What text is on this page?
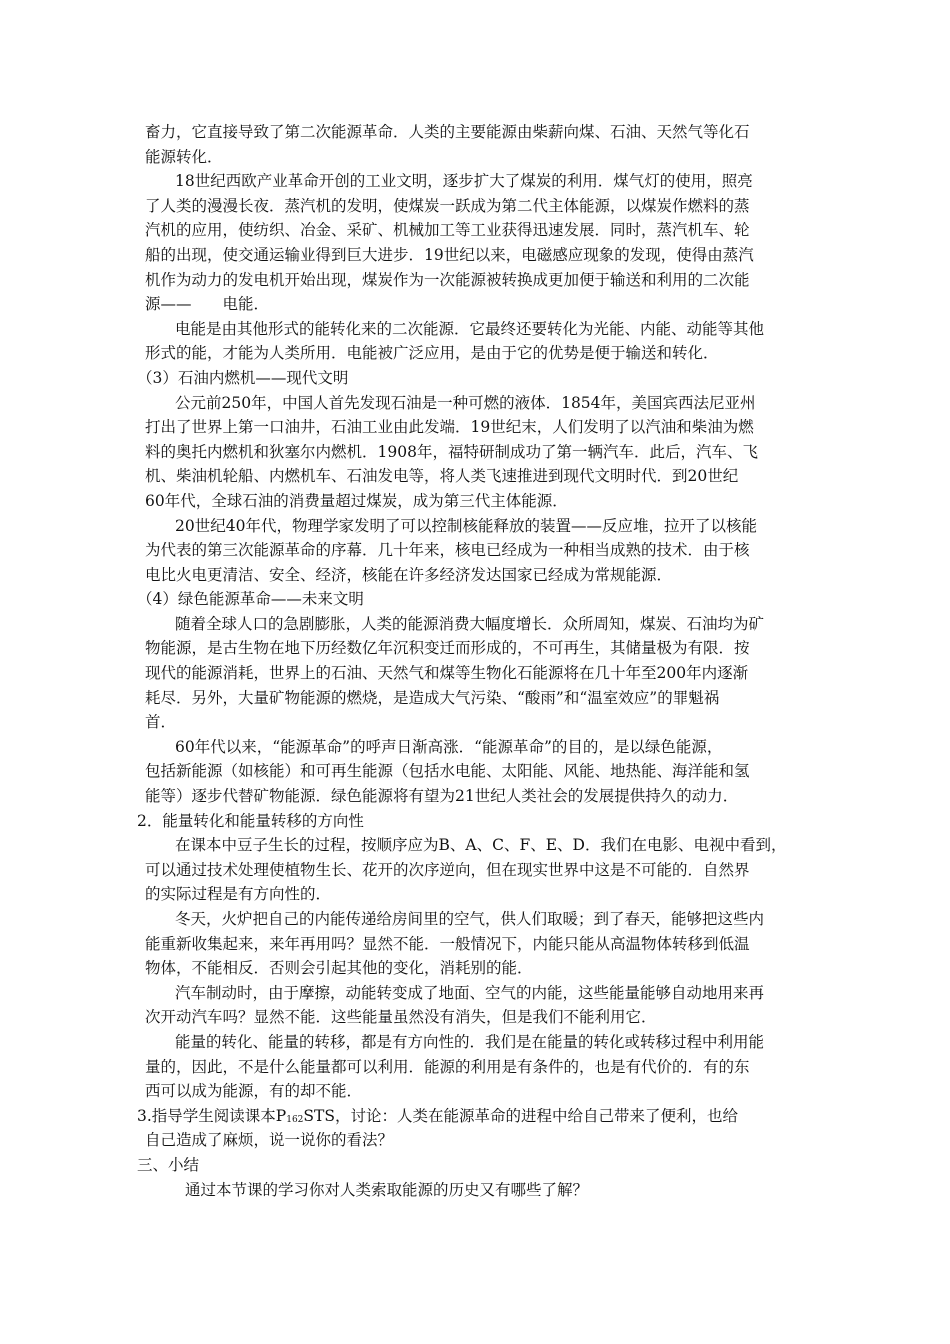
畜力，它直接导致了第二次能源革命．人类的主要能源由柴薪向煤、石油、天然气等化石
能源转化．
18世纪西欧产业革命开创的工业文明，逐步扩大了煤炭的利用．煤气灯的使用，照亮
了人类的漫漫长夜．蒸汽机的发明，使煤炭一跃成为第二代主体能源，以煤炭作燃料的蒸
汽机的应用，使纺织、冶金、采矿、机械加工等工业获得迅速发展．同时，蒸汽机车、轮
船的出现，使交通运输业得到巨大进步．19世纪以来，电磁感应现象的发现，使得由蒸汽
机作为动力的发电机开始出现，煤炭作为一次能源被转换成更加便于输送和利用的二次能
源——　　电能．
电能是由其他形式的能转化来的二次能源．它最终还要转化为光能、内能、动能等其他
形式的能，才能为人类所用．电能被广泛应用，是由于它的优势是便于输送和转化．
（3）石油内燃机——现代文明
公元前250年，中国人首先发现石油是一种可燃的液体．1854年，美国宾西法尼亚州
打出了世界上第一口油井，石油工业由此发端．19世纪末，人们发明了以汽油和柴油为燃
料的奥托内燃机和狄塞尔内燃机．1908年，福特研制成功了第一辆汽车．此后，汽车、飞
机、柴油机轮船、内燃机车、石油发电等，将人类飞速推进到现代文明时代．到20世纪
60年代，全球石油的消费量超过煤炭，成为第三代主体能源．
20世纪40年代，物理学家发明了可以控制核能释放的装置——反应堆，拉开了以核能
为代表的第三次能源革命的序幕．几十年来，核电已经成为一种相当成熟的技术．由于核
电比火电更清洁、安全、经济，核能在许多经济发达国家已经成为常规能源．
（4）绿色能源革命——未来文明
随着全球人口的急剧膨胀，人类的能源消费大幅度增长．众所周知，煤炭、石油均为矿
物能源，是古生物在地下历经数亿年沉积变迁而形成的，不可再生，其储量极为有限．按
现代的能源消耗，世界上的石油、天然气和煤等生物化石能源将在几十年至200年内逐渐
耗尽．另外，大量矿物能源的燃烧，是造成大气污染、“酸雨”和“温室效应”的罪魁祸
首．
60年代以来，“能源革命”的呼声日渐高涨．“能源革命”的目的，是以绿色能源，
包括新能源（如核能）和可再生能源（包括水电能、太阳能、风能、地热能、海洋能和氢
能等）逐步代替矿物能源．绿色能源将有望为21世纪人类社会的发展提供持久的动力．
2．能量转化和能量转移的方向性
在课本中豆子生长的过程，按顺序应为B、A、C、F、E、D．我们在电影、电视中看到，
可以通过技术处理使植物生长、花开的次序逆向，但在现实世界中这是不可能的．自然界
的实际过程是有方向性的．
冬天，火炉把自己的内能传递给房间里的空气，供人们取暖；到了春天，能够把这些内
能重新收集起来，来年再用吗？显然不能．一般情况下，内能只能从高温物体转移到低温
物体，不能相反．否则会引起其他的变化，消耗别的能．
汽车制动时，由于摩擦，动能转变成了地面、空气的内能，这些能量能够自动地用来再
次开动汽车吗？显然不能．这些能量虽然没有消失，但是我们不能利用它．
能量的转化、能量的转移，都是有方向性的．我们是在能量的转化或转移过程中利用能
量的，因此，不是什么能量都可以利用．能源的利用是有条件的，也是有代价的．有的东
西可以成为能源，有的却不能．
3.指导学生阅读课本P162STS，讨论：人类在能源革命的进程中给自己带来了便利，也给
自己造成了麻烦，说一说你的看法？
三、小结
通过本节课的学习你对人类索取能源的历史又有哪些了解？
